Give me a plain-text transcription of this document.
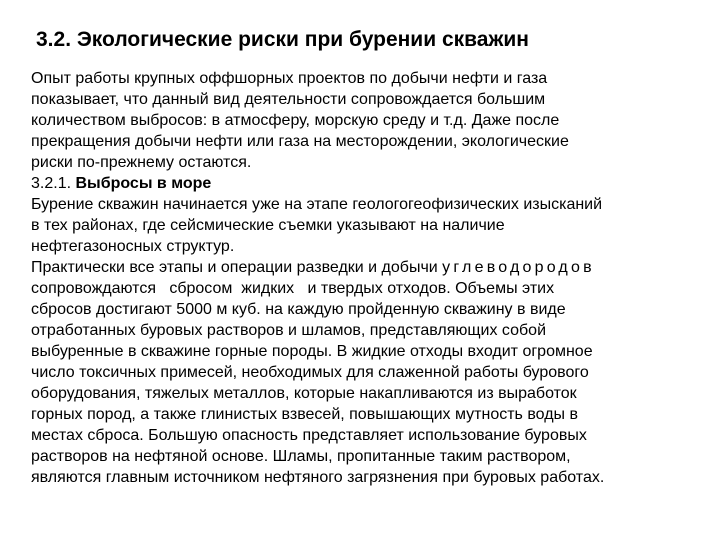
3.2. Экологические риски при бурении скважин
Опыт работы крупных оффшорных проектов по добычи нефти и газа
показывает, что данный вид деятельности сопровождается большим
количеством выбросов: в атмосферу, морскую среду и т.д. Даже после
прекращения добычи нефти или газа на месторождении, экологические
риски по-прежнему остаются.
3.2.1. Выбросы в море
Бурение скважин начинается уже на этапе геологогеофизических изысканий
в тех районах, где сейсмические съемки указывают на наличие
нефтегазоносных структур.
Практически все этапы и операции разведки и добычи углеводородов
сопровождаются   сбросом  жидких   и твердых отходов. Объемы этих
сбросов достигают 5000 м куб. на каждую пройденную скважину в виде
отработанных буровых растворов и шламов, представляющих собой
выбуренные в скважине горные породы. В жидкие отходы входит огромное
число токсичных примесей, необходимых для слаженной работы бурового
оборудования, тяжелых металлов, которые накапливаются из выработок
горных пород, а также глинистых взвесей, повышающих мутность воды в
местах сброса. Большую опасность представляет использование буровых
растворов на нефтяной основе. Шламы, пропитанные таким раствором,
являются главным источником нефтяного загрязнения при буровых работах.
